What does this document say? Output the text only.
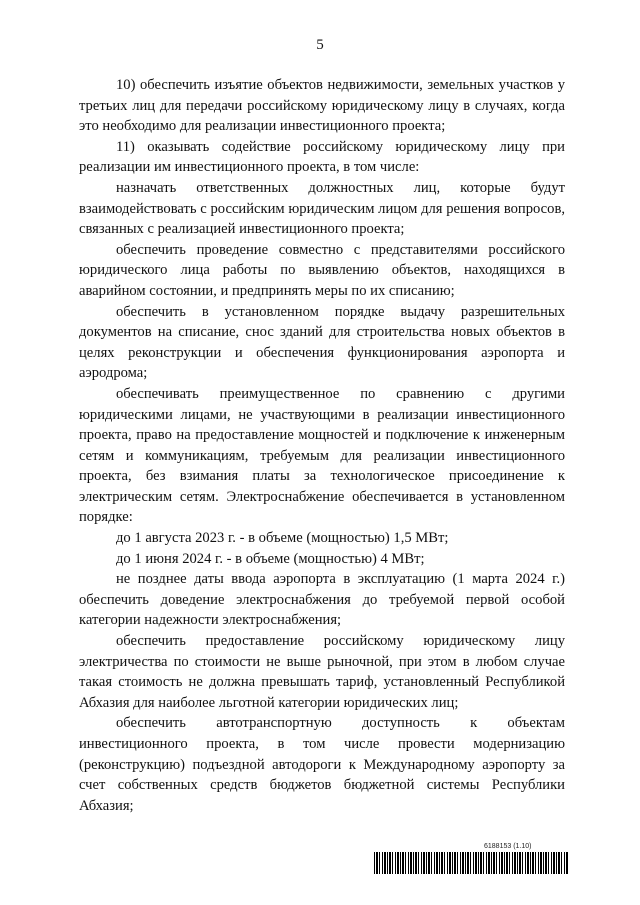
5

10) обеспечить изъятие объектов недвижимости, земельных участков у третьих лиц для передачи российскому юридическому лицу в случаях, когда это необходимо для реализации инвестиционного проекта;

11) оказывать содействие российскому юридическому лицу при реализации им инвестиционного проекта, в том числе:

назначать ответственных должностных лиц, которые будут взаимодействовать с российским юридическим лицом для решения вопросов, связанных с реализацией инвестиционного проекта;

обеспечить проведение совместно с представителями российского юридического лица работы по выявлению объектов, находящихся в аварийном состоянии, и предпринять меры по их списанию;

обеспечить в установленном порядке выдачу разрешительных документов на списание, снос зданий для строительства новых объектов в целях реконструкции и обеспечения функционирования аэропорта и аэродрома;

обеспечивать преимущественное по сравнению с другими юридическими лицами, не участвующими в реализации инвестиционного проекта, право на предоставление мощностей и подключение к инженерным сетям и коммуникациям, требуемым для реализации инвестиционного проекта, без взимания платы за технологическое присоединение к электрическим сетям. Электроснабжение обеспечивается в установленном порядке:

до 1 августа 2023 г. - в объеме (мощностью) 1,5 МВт;

до 1 июня 2024 г. - в объеме (мощностью) 4 МВт;

не позднее даты ввода аэропорта в эксплуатацию (1 марта 2024 г.) обеспечить доведение электроснабжения до требуемой первой особой категории надежности электроснабжения;

обеспечить предоставление российскому юридическому лицу электричества по стоимости не выше рыночной, при этом в любом случае такая стоимость не должна превышать тариф, установленный Республикой Абхазия для наиболее льготной категории юридических лиц;

обеспечить автотранспортную доступность к объектам инвестиционного проекта, в том числе провести модернизацию (реконструкцию) подъездной автодороги к Международному аэропорту за счет собственных средств бюджетов бюджетной системы Республики Абхазия;

6188153 (1.10)
